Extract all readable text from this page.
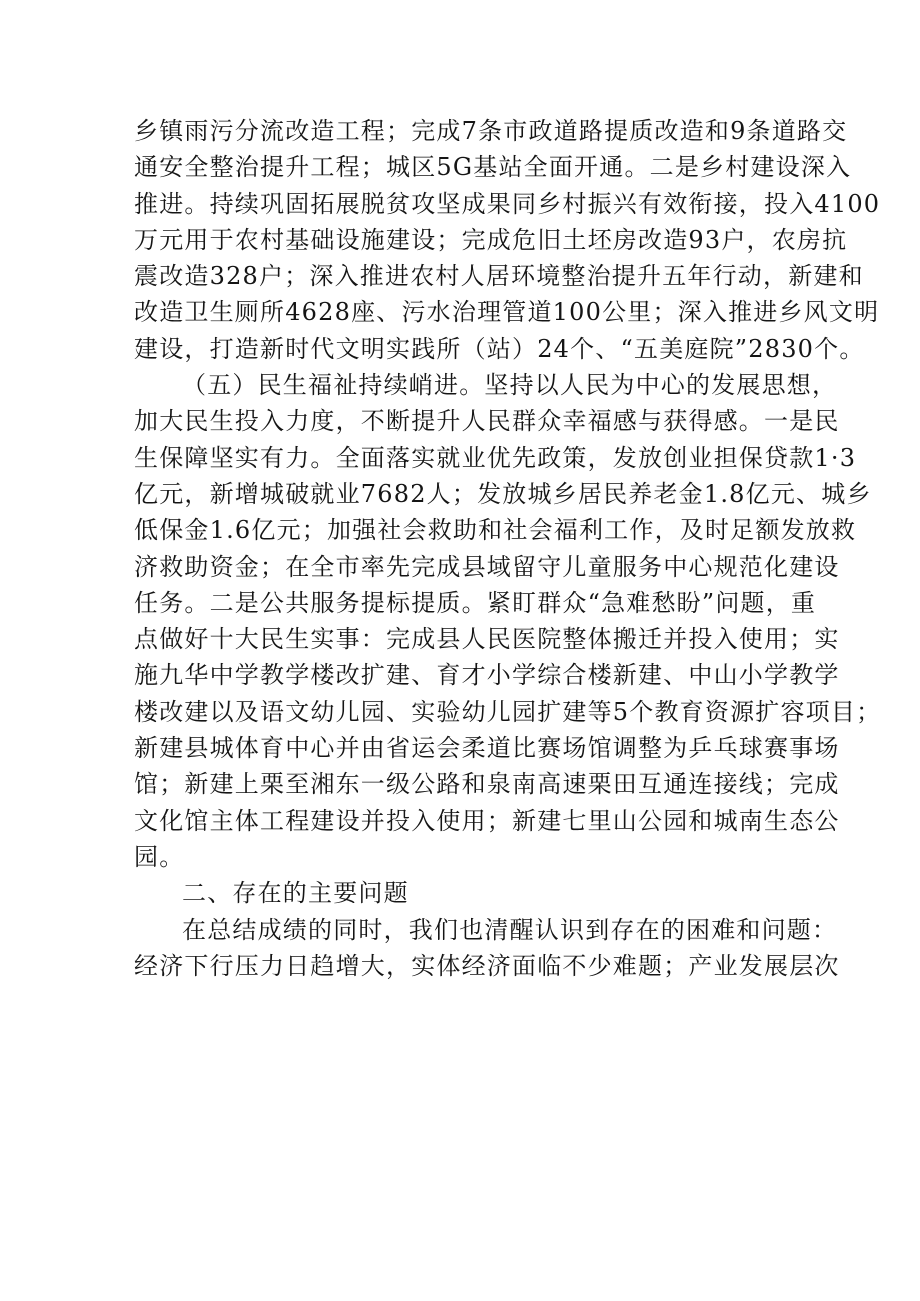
乡镇雨污分流改造工程；完成7条市政道路提质改造和9条道路交
通安全整治提升工程；城区5G基站全面开通。二是乡村建设深入
推进。持续巩固拓展脱贫攻坚成果同乡村振兴有效衔接，投入4100
万元用于农村基础设施建设；完成危旧土坯房改造93户，农房抗
震改造328户；深入推进农村人居环境整治提升五年行动，新建和
改造卫生厕所4628座、污水治理管道100公里；深入推进乡风文明
建设，打造新时代文明实践所（站）24个、“五美庭院”2830个。
（五）民生福祉持续峭进。坚持以人民为中心的发展思想，
加大民生投入力度，不断提升人民群众幸福感与获得感。一是民
生保障坚实有力。全面落实就业优先政策，发放创业担保贷款1·3
亿元，新增城破就业7682人；发放城乡居民养老金1.8亿元、城乡
低保金1.6亿元；加强社会救助和社会福利工作，及时足额发放救
济救助资金；在全市率先完成县域留守儿童服务中心规范化建设
任务。二是公共服务提标提质。紧盯群众“急难愁盼”问题，重
点做好十大民生实事：完成县人民医院整体搬迁并投入使用；实
施九华中学教学楼改扩建、育才小学综合楼新建、中山小学教学
楼改建以及语文幼儿园、实验幼儿园扩建等5个教育资源扩容项目；
新建县城体育中心并由省运会柔道比赛场馆调整为乒乓球赛事场
馆；新建上栗至湘东一级公路和泉南高速栗田互通连接线；完成
文化馆主体工程建设并投入使用；新建七里山公园和城南生态公
园。
二、存在的主要问题
在总结成绩的同时，我们也清醒认识到存在的困难和问题：
经济下行压力日趋增大，实体经济面临不少难题；产业发展层次
